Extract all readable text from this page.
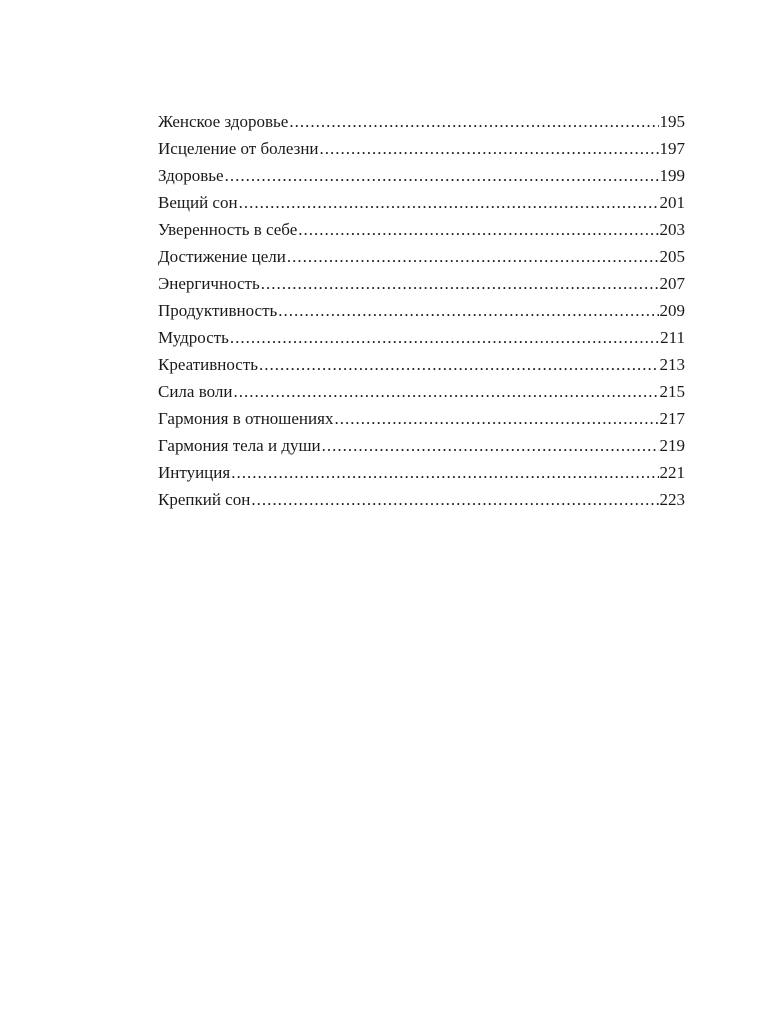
Женское здоровье .....	195
Исцеление от болезни .....	197
Здоровье .....	199
Вещий сон .....	201
Уверенность в себе .....	203
Достижение цели .....	205
Энергичность .....	207
Продуктивность .....	209
Мудрость .....	211
Креативность .....	213
Сила воли .....	215
Гармония в отношениях .....	217
Гармония тела и души .....	219
Интуиция .....	221
Крепкий сон .....	223
